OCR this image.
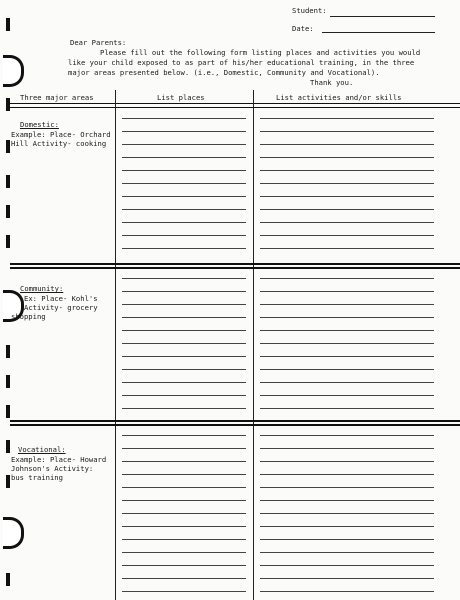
Student:
Date:
Dear Parents:
Please fill out the following form listing places and activities you would
like your child exposed to as part of his/her educational training, in the three
major areas presented below. (i.e., Domestic, Community and Vocational).
Thank you.
Three major areas	List places	List activities and/or skills
Domestic:
Example: Place- Orchard
Hill Activity- cooking
Community:
Ex: Place- Kohl's
Activity- grocery
shopping
Vocational:
Example: Place- Howard
Johnson's Activity:
bus training
